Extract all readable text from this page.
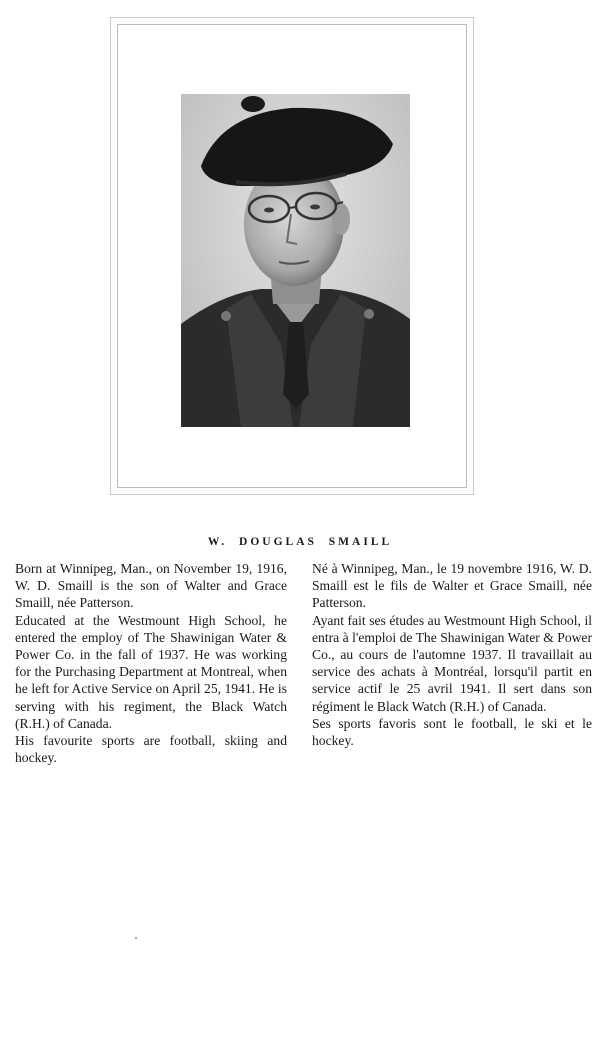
W. DOUGLAS SMAILL

Born at Winnipeg, Man., on November 19, 1916, W. D. Smaill is the son of Walter and Grace Smaill, née Patterson.

Educated at the Westmount High School, he entered the employ of The Shawinigan Water & Power Co. in the fall of 1937. He was working for the Purchasing Department at Montreal, when he left for Active Service on April 25, 1941. He is serving with his regiment, the Black Watch (R.H.) of Canada.

His favourite sports are football, skiing and hockey.

Né à Winnipeg, Man., le 19 novembre 1916, W. D. Smaill est le fils de Walter et Grace Smaill, née Patterson.

Ayant fait ses études au Westmount High School, il entra à l'emploi de The Shawinigan Water & Power Co., au cours de l'automne 1937. Il travaillait au service des achats à Montréal, lorsqu'il partit en service actif le 25 avril 1941. Il sert dans son régiment le Black Watch (R.H.) of Canada.

Ses sports favoris sont le football, le ski et le hockey.
